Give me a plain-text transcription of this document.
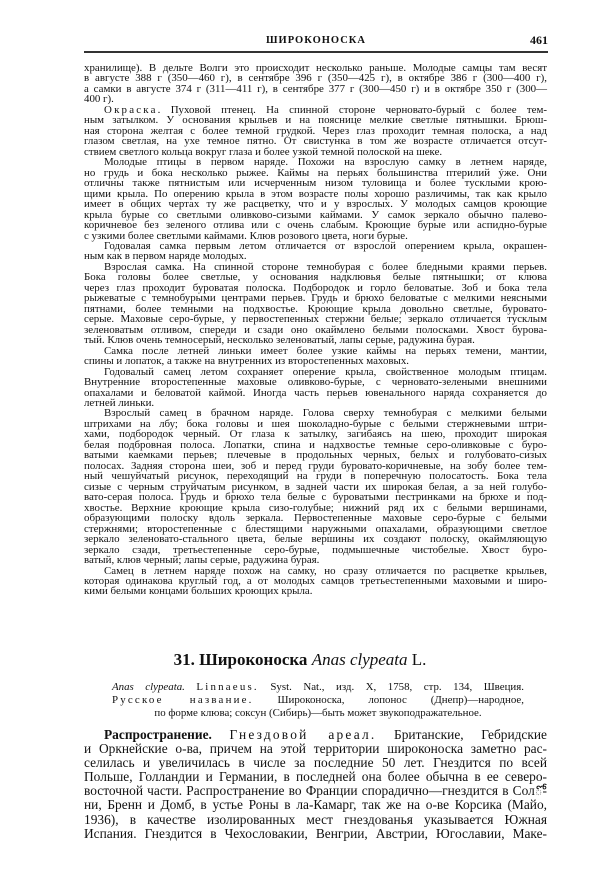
ШИРОКОНОСКА	461
хранилище). В дельте Волги это происходит несколько раньше. Молодые самцы там весят
в августе 388 г (350—460 г), в сентябре 396 г (350—425 г), в октябре 386 г (300—400 г),
а самки в августе 374 г (311—411 г), в сентябре 377 г (300—450 г) и в октябре 350 г (300—
400 г).
Окраска. Пуховой птенец. На спинной стороне черновато-бурый с более тем-
ным затылком. У основания крыльев и на пояснице мелкие светлые пятнышки. Брюш-
ная сторона желтая с более темной грудкой. Через глаз проходит темная полоска, а над
глазом светлая, на ухе темное пятно. От свистунка в том же возрасте отличается отсут-
ствием светлого кольца вокруг глаза и более узкой темной полоской на шеке.
Молодые птицы в первом наряде. Похожи на взрослую самку в летнем наряде,
но грудь и бока несколько рыжее. Каймы на перьях большинства птерилий ýже. Они
отличны также пятнистым или исчерченным низом туловища и более тусклыми крою-
щими крыла. По оперению крыла в этом возрасте полы хорошо различимы, так как крыло
имеет в общих чертах ту же расцветку, что и у взрослых. У молодых самцов кроющие
крыла бурые со светлыми оливково-сизыми каймами. У самок зеркало обычно палево-
коричневое без зеленого отлива или с очень слабым. Кроющие бурые или аспидно-бурые
с узкими более светлыми каймами. Клюв розового цвета, ноги бурые.
Годовалая самка первым летом отличается от взрослой оперением крыла, окрашен-
ным как в первом наряде молодых.
Взрослая самка. На спинной стороне темнобурая с более бледными краями перьев.
Бока головы более светлые, у основания надклювья белые пятнышки; от клюва
через глаз проходит буроватая полоска. Подбородок и горло беловатые. Зоб и бока тела
рыжеватые с темнобурыми центрами перьев. Грудь и брюхо беловатые с мелкими неясными
пятнами, более темными на подхвостье. Кроющие крыла довольно светлые, буровато-
серые. Маховые серо-бурые, у первостепенных стержни белые; зеркало отличается тусклым
зеленоватым отливом, спереди и сзади оно окаймлено белыми полосками. Хвост бурова-
тый. Клюв очень темносерый, несколько зеленоватый, лапы серые, радужина бурая.
Самка после летней линьки имеет более узкие каймы на перьях темени, мантии,
спины и лопаток, а также на внутренних из второстепенных маховых.
Годовалый самец летом сохраняет оперение крыла, свойственное молодым птицам.
Внутренние второстепенные маховые оливково-бурые, с черновато-зелеными внешними
опахалами и беловатой каймой. Иногда часть перьев ювенального наряда сохраняется до
летней линьки.
Взрослый самец в брачном наряде. Голова сверху темнобурая с мелкими белыми
штрихами на лбу; бока головы и шея шоколадно-бурые с белыми стержневыми штри-
хами, подбородок черный. От глаза к затылку, загибаясь на шею, проходит широкая
белая подбровная полоса. Лопатки, спина и надхвостье темные серо-оливковые с буро-
ватыми каемками перьев; плечевые в продольных черных, белых и голубовато-сизых
полосах. Задняя сторона шеи, зоб и перед груди буровато-коричневые, на зобу более тем-
ный чешуйчатый рисунок, переходящий на груди в поперечную полосатость. Бока тела
сизые с черным струйчатым рисунком, в задней части их широкая белая, а за ней голубо-
вато-серая полоса. Грудь и брюхо тела белые с буроватыми пестринками на брюхе и под-
хвостье. Верхние кроющие крыла сизо-голубые; нижний ряд их с белыми вершинами,
образующими полоску вдоль зеркала. Первостепенные маховые серо-бурые с белыми
стержнями; второстепенные с блестящими наружными опахалами, образующими светлое
зеркало зеленовато-стального цвета, белые вершины их создают полоску, окаймляющую
зеркало сзади, третьестепенные серо-бурые, подмышечные чистобелые. Хвост буро-
ватый, клюв черный; лапы серые, радужина бурая.
Самец в летнем наряде похож на самку, но сразу отличается по расцветке крыльев,
которая одинакова круглый год, а от молодых самцов третьестепенными маховыми и широ-
кими белыми концами больших кроющих крыла.
31. Широконоска Anas clypeata L.
Anas clypeata. Linnaeus. Syst. Nat., изд. X, 1758, стр. 134, Швеция.
Русское название. Широконоска, лопонос (Днепр)—народное,
по форме клюва; соксун (Сибирь)—быть может звукоподражательное.
Распространение. Гнездовой ареал. Британские, Гебридские
и Оркнейские о-ва, причем на этой территории широконоска заметно рас-
селилась и увеличилась в числе за последние 50 лет. Гнездится по всей
Польше, Голландии и Германии, в последней она более обычна в ее северо-
восточной части. Распространение во Франции спорадично—гнездится в Солో-
ни, Бренн и Домб, в устье Роны в ла-Камарг, так же на о-ве Корсика (Майо,
1936), в качестве изолированных мест гнездованья указывается Южная
Испания. Гнездится в Чехословакии, Венгрии, Австрии, Югославии, Маке-
